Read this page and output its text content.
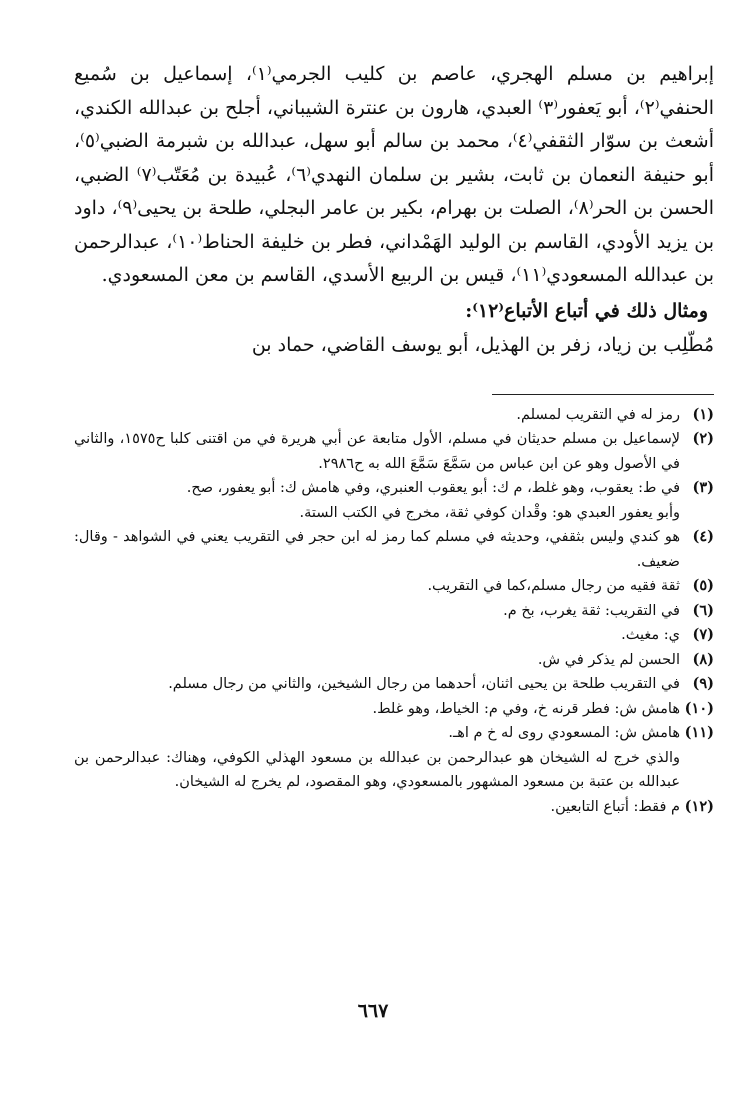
إبراهيم بن مسلم الهجري، عاصم بن كليب الجرمي⁽١⁾، إسماعيل بن سُميع الحنفي⁽٢⁾، أبو يَعفور⁽٣⁾ العبدي، هارون بن عنترة الشيباني، أجلح بن عبدالله الكندي، أشعث بن سوّار الثقفي⁽٤⁾، محمد بن سالم أبو سهل، عبدالله بن شبرمة الضبي⁽٥⁾، أبو حنيفة النعمان بن ثابت، بشير بن سلمان النهدي⁽٦⁾، عُبيدة بن مُعَتّب⁽٧⁾ الضبي، الحسن بن الحر⁽٨⁾، الصلت بن بهرام، بكير بن عامر البجلي، طلحة بن يحيى⁽٩⁾، داود بن يزيد الأودي، القاسم بن الوليد الهَمْداني، فطر بن خليفة الحناط⁽١٠⁾، عبدالرحمن بن عبدالله المسعودي⁽١١⁾، قيس بن الربيع الأسدي، القاسم بن معن المسعودي.

ومثال ذلك في أتباع الأتباع⁽١٢⁾:

مُطّلِب بن زياد، زفر بن الهذيل، أبو يوسف القاضي، حماد بن

(١)
رمز له في التقريب لمسلم.
(٢)
لإسماعيل بن مسلم حديثان في مسلم، الأول متابعة عن أبي هريرة في من اقتنى كلبا ح١٥٧٥، والثاني في الأصول وهو عن ابن عباس من سَمَّعَ سَمَّعَ الله به ح٢٩٨٦.
(٣)
في ط: يعقوب، وهو غلط، م ك: أبو يعقوب العنبري، وفي هامش ك: أبو يعفور، صح.
وأبو يعفور العبدي هو: وقْدان كوفي ثقة، مخرج في الكتب الستة.
(٤)
هو كندي وليس بثقفي، وحديثه في مسلم كما رمز له ابن حجر في التقريب يعني في الشواهد - وقال: ضعيف.
(٥)
ثقة فقيه من رجال مسلم،كما في التقريب.
(٦)
في التقريب: ثقة يغرب، بخ م.
(٧)
ي: مغيث.
(٨)
الحسن لم يذكر في ش.
(٩)
في التقريب طلحة بن يحيى اثنان، أحدهما من رجال الشيخين، والثاني من رجال مسلم.
(١٠)
هامش ش: فطر قرنه خ، وفي م: الخياط، وهو غلط.
(١١)
هامش ش: المسعودي روى له خ م اهـ.
والذي خرج له الشيخان هو عبدالرحمن بن عبدالله بن مسعود الهذلي الكوفي، وهناك: عبدالرحمن بن عبدالله بن عتبة بن مسعود المشهور بالمسعودي، وهو المقصود، لم يخرج له الشيخان.
(١٢)
م فقط: أتباع التابعين.
٦٦٧
